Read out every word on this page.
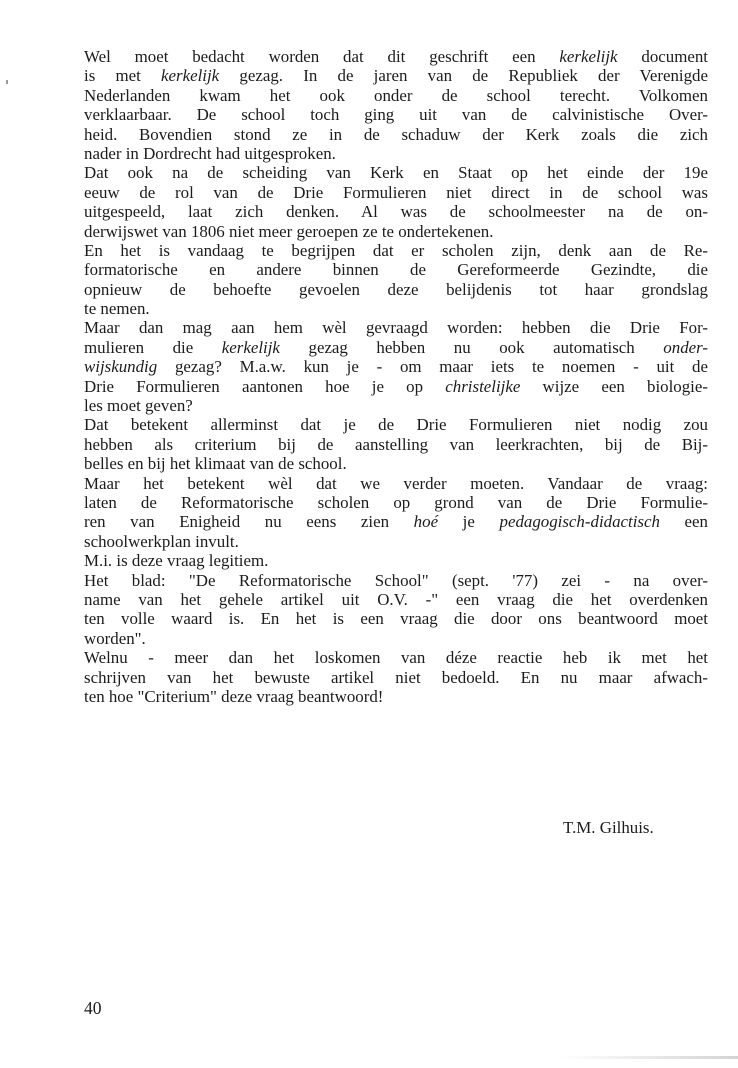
Wel moet bedacht worden dat dit geschrift een kerkelijk document
is met kerkelijk gezag. In de jaren van de Republiek der Verenigde
Nederlanden kwam het ook onder de school terecht. Volkomen
verklaarbaar. De school toch ging uit van de calvinistische Over-
heid. Bovendien stond ze in de schaduw der Kerk zoals die zich
nader in Dordrecht had uitgesproken.
Dat ook na de scheiding van Kerk en Staat op het einde der 19e
eeuw de rol van de Drie Formulieren niet direct in de school was
uitgespeeld, laat zich denken. Al was de schoolmeester na de on-
derwijswet van 1806 niet meer geroepen ze te ondertekenen.
En het is vandaag te begrijpen dat er scholen zijn, denk aan de Re-
formatorische en andere binnen de Gereformeerde Gezindte, die
opnieuw de behoefte gevoelen deze belijdenis tot haar grondslag
te nemen.
Maar dan mag aan hem wèl gevraagd worden: hebben die Drie For-
mulieren die kerkelijk gezag hebben nu ook automatisch onder-
wijskundig gezag? M.a.w. kun je - om maar iets te noemen - uit de
Drie Formulieren aantonen hoe je op christelijke wijze een biologie-
les moet geven?
Dat betekent allerminst dat je de Drie Formulieren niet nodig zou
hebben als criterium bij de aanstelling van leerkrachten, bij de Bij-
belles en bij het klimaat van de school.
Maar het betekent wèl dat we verder moeten. Vandaar de vraag:
laten de Reformatorische scholen op grond van de Drie Formulie-
ren van Enigheid nu eens zien hoé je pedagogisch-didactisch een
schoolwerkplan invult.
M.i. is deze vraag legitiem.
Het blad: "De Reformatorische School" (sept. '77) zei - na over-
name van het gehele artikel uit O.V. -" een vraag die het overdenken
ten volle waard is. En het is een vraag die door ons beantwoord moet
worden".
Welnu - meer dan het loskomen van déze reactie heb ik met het
schrijven van het bewuste artikel niet bedoeld. En nu maar afwach-
ten hoe "Criterium" deze vraag beantwoord!
T.M. Gilhuis.
40
